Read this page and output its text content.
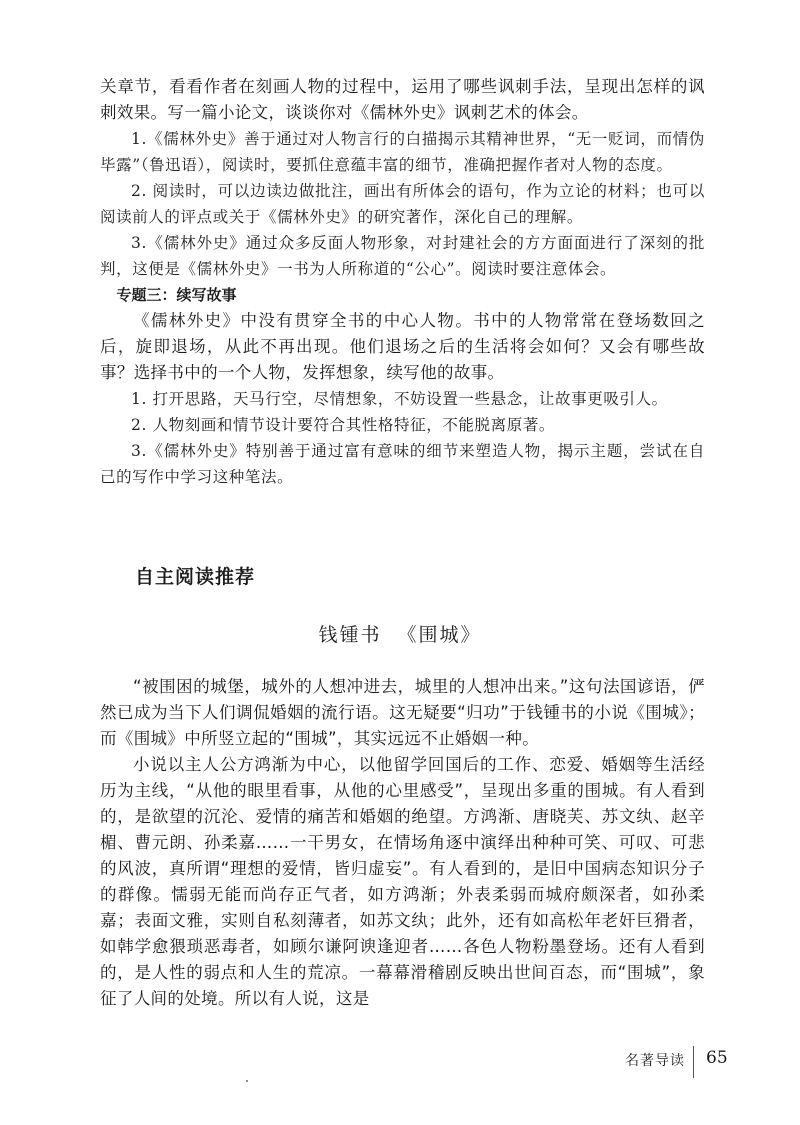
关章节，看看作者在刻画人物的过程中，运用了哪些讽刺手法，呈现出怎样的讽刺效果。写一篇小论文，谈谈你对《儒林外史》讽刺艺术的体会。

1.《儒林外史》善于通过对人物言行的白描揭示其精神世界，“无一贬词，而情伪毕露”（鲁迅语），阅读时，要抓住意蕴丰富的细节，准确把握作者对人物的态度。

2. 阅读时，可以边读边做批注，画出有所体会的语句，作为立论的材料；也可以阅读前人的评点或关于《儒林外史》的研究著作，深化自己的理解。

3.《儒林外史》通过众多反面人物形象，对封建社会的方方面面进行了深刻的批判，这便是《儒林外史》一书为人所称道的“公心”。阅读时要注意体会。

专题三：续写故事

《儒林外史》中没有贯穿全书的中心人物。书中的人物常常在登场数回之后，旋即退场，从此不再出现。他们退场之后的生活将会如何？又会有哪些故事？选择书中的一个人物，发挥想象，续写他的故事。

1. 打开思路，天马行空，尽情想象，不妨设置一些悬念，让故事更吸引人。

2. 人物刻画和情节设计要符合其性格特征，不能脱离原著。

3.《儒林外史》特别善于通过富有意味的细节来塑造人物，揭示主题，尝试在自己的写作中学习这种笔法。

自主阅读推荐
钱锺书 《围城》

“被围困的城堡，城外的人想冲进去，城里的人想冲出来。”这句法国谚语，俨然已成为当下人们调侃婚姻的流行语。这无疑要“归功”于钱锺书的小说《围城》；而《围城》中所竖立起的“围城”，其实远远不止婚姻一种。

小说以主人公方鸿渐为中心，以他留学回国后的工作、恋爱、婚姻等生活经历为主线，“从他的眼里看事，从他的心里感受”，呈现出多重的围城。有人看到的，是欲望的沉沦、爱情的痛苦和婚姻的绝望。方鸿渐、唐晓芙、苏文纨、赵辛楣、曹元朗、孙柔嘉……一干男女，在情场角逐中演绎出种种可笑、可叹、可悲的风波，真所谓“理想的爱情，皆归虚妄”。有人看到的，是旧中国病态知识分子的群像。懦弱无能而尚存正气者，如方鸿渐；外表柔弱而城府颇深者，如孙柔嘉；表面文雅，实则自私刻薄者，如苏文纨；此外，还有如高松年老奸巨猾者，如韩学愈猥琐恶毒者，如顾尔谦阿谀逢迎者……各色人物粉墨登场。还有人看到的，是人性的弱点和人生的荒凉。一幕幕滑稽剧反映出世间百态，而“围城”，象征了人间的处境。所以有人说，这是

名著导读 65
